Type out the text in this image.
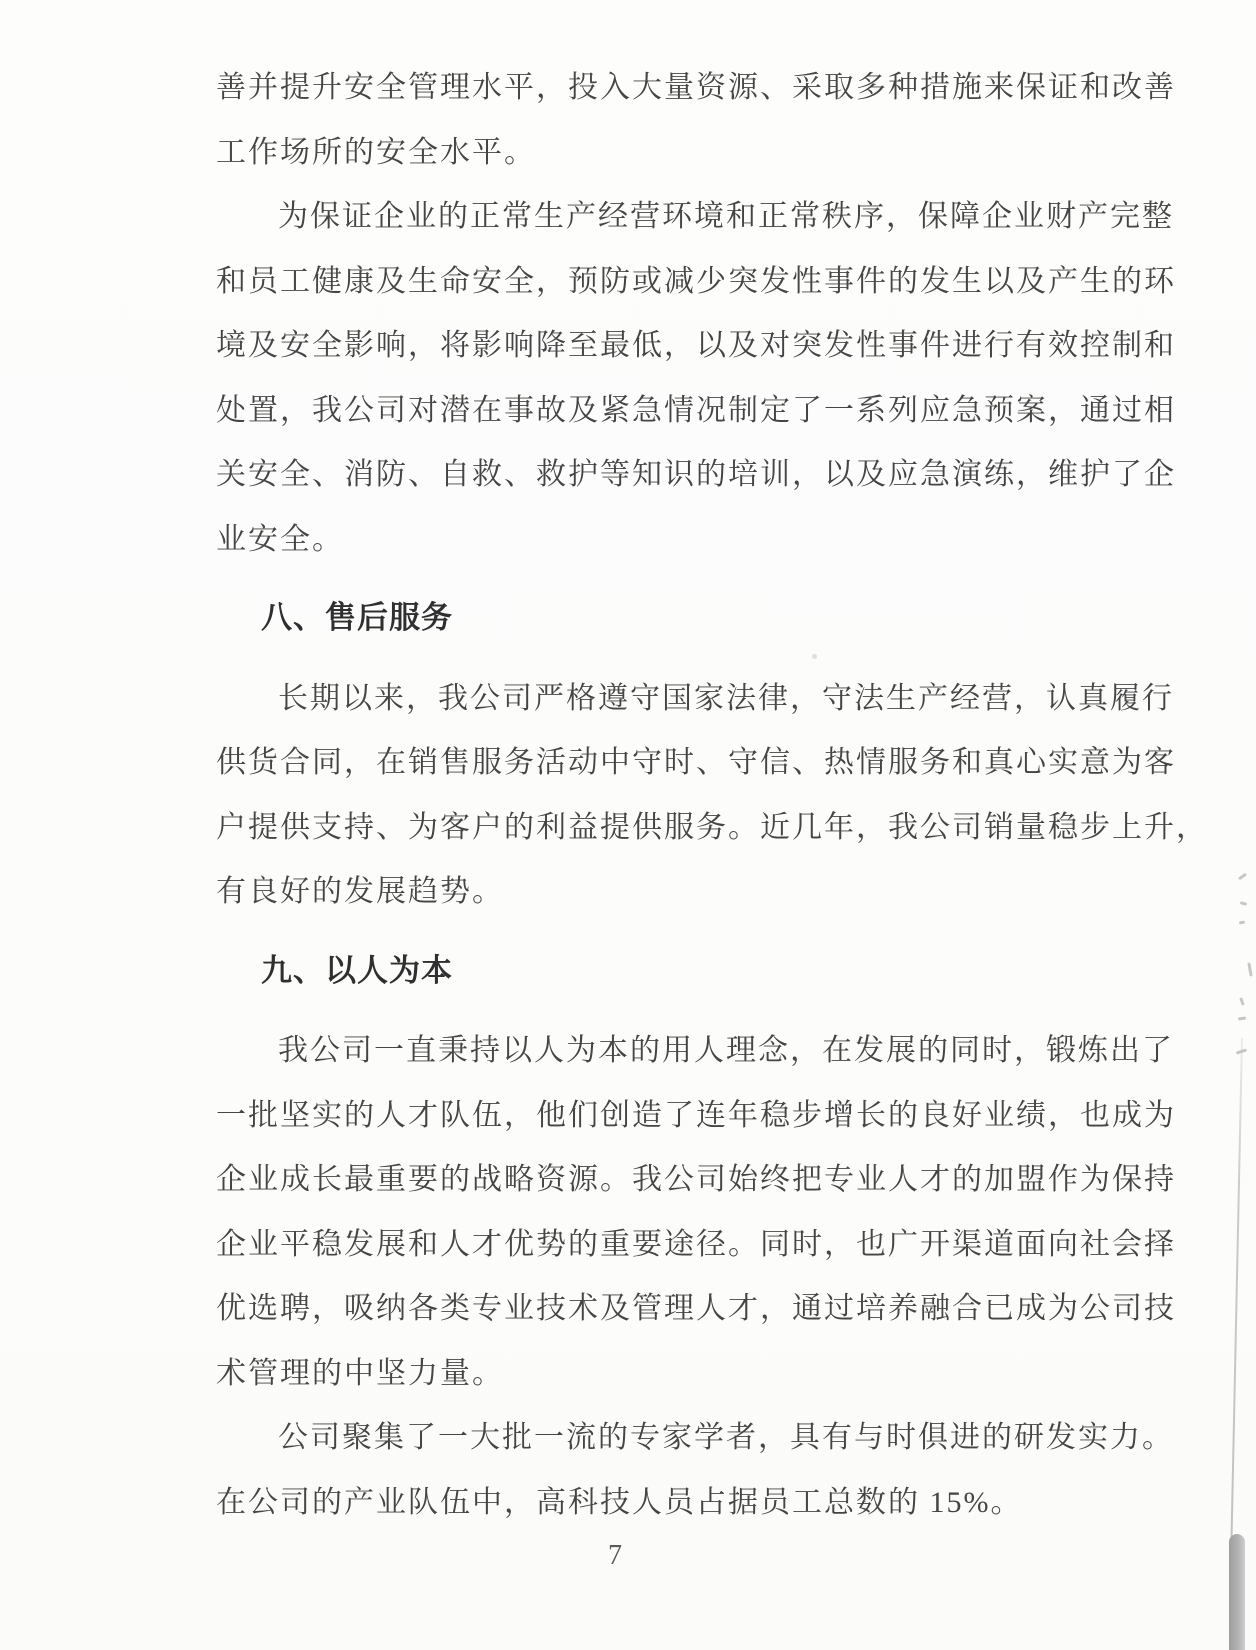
善并提升安全管理水平，投入大量资源、采取多种措施来保证和改善
工作场所的安全水平。
为保证企业的正常生产经营环境和正常秩序，保障企业财产完整
和员工健康及生命安全，预防或减少突发性事件的发生以及产生的环
境及安全影响，将影响降至最低，以及对突发性事件进行有效控制和
处置，我公司对潜在事故及紧急情况制定了一系列应急预案，通过相
关安全、消防、自救、救护等知识的培训，以及应急演练，维护了企
业安全。
八、售后服务
长期以来，我公司严格遵守国家法律，守法生产经营，认真履行
供货合同，在销售服务活动中守时、守信、热情服务和真心实意为客
户提供支持、为客户的利益提供服务。近几年，我公司销量稳步上升，
有良好的发展趋势。
九、以人为本
我公司一直秉持以人为本的用人理念，在发展的同时，锻炼出了
一批坚实的人才队伍，他们创造了连年稳步增长的良好业绩，也成为
企业成长最重要的战略资源。我公司始终把专业人才的加盟作为保持
企业平稳发展和人才优势的重要途径。同时，也广开渠道面向社会择
优选聘，吸纳各类专业技术及管理人才，通过培养融合已成为公司技
术管理的中坚力量。
公司聚集了一大批一流的专家学者，具有与时俱进的研发实力。
在公司的产业队伍中，高科技人员占据员工总数的 15%。
7
